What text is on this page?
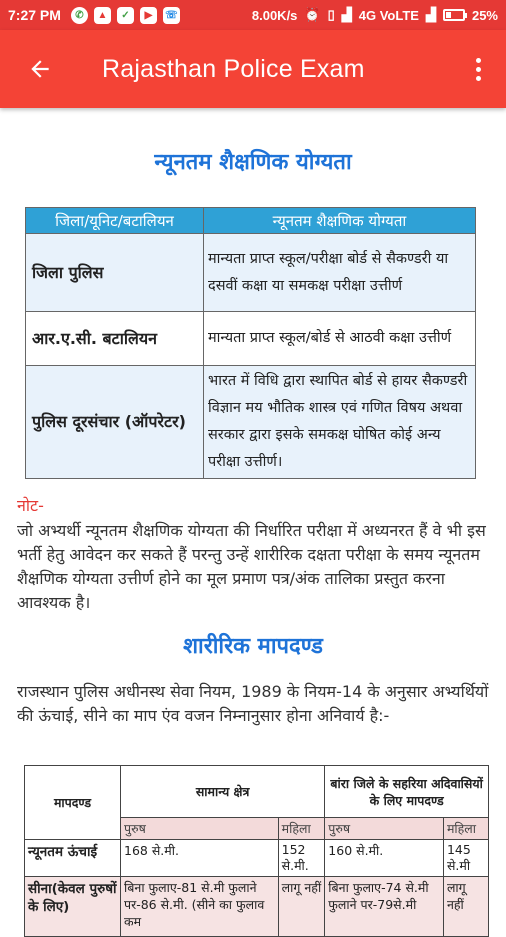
7:27 PM	✆	▲	✓	▶	☏	8.00K/s ⏰ ▯ ▟ 4G VoLTE ▟	25%
Rajasthan Police Exam
न्यूनतम शैक्षणिक योग्यता
जिला/यूनिट/बटालियन	न्यूनतम शैक्षणिक योग्यता
जिला पुलिस	मान्यता प्राप्त स्कूल/परीक्षा बोर्ड से सैकण्डरी या दसवीं कक्षा या समकक्ष परीक्षा उत्तीर्ण
आर.ए.सी. बटालियन	मान्यता प्राप्त स्कूल/बोर्ड से आठवी कक्षा उत्तीर्ण
पुलिस दूरसंचार (ऑपरेटर)	भारत में विधि द्वारा स्थापित बोर्ड से हायर सैकण्डरी विज्ञान मय भौतिक शास्त्र एवं गणित विषय अथवा सरकार द्वारा इसके समकक्ष घोषित कोई अन्य परीक्षा उत्तीर्ण।
नोट-
जो अभ्यर्थी न्यूनतम शैक्षणिक योग्यता की निर्धारित परीक्षा में अध्यनरत हैं वे भी इस भर्ती हेतु आवेदन कर सकते हैं परन्तु उन्हें शारीरिक दक्षता परीक्षा के समय न्यूनतम शैक्षणिक योग्यता उत्तीर्ण होने का मूल प्रमाण पत्र/अंक तालिका प्रस्तुत करना आवश्यक है।
शारीरिक मापदण्ड
राजस्थान पुलिस अधीनस्थ सेवा नियम, 1989 के नियम-14 के अनुसार अभ्यर्थियों की ऊंचाई, सीने का माप एंव वजन निम्नानुसार होना अनिवार्य है:-
मापदण्ड	सामान्य क्षेत्र		बांरा जिले के सहरिया अदिवासियों के लिए मापदण्ड	
	पुरुष	महिला	पुरुष	महिला
न्यूनतम ऊंचाई	168 से.मी.	152 से.मी.	160 से.मी.	145 से.मी
सीना(केवल पुरुषों के लिए)	बिना फुलाए-81 से.मी फुलाने पर-86 से.मी. (सीने का फुलाव कम	लागू नहीं	बिना फुलाए-74 से.मी फुलाने पर-79से.मी	लागू नहीं
